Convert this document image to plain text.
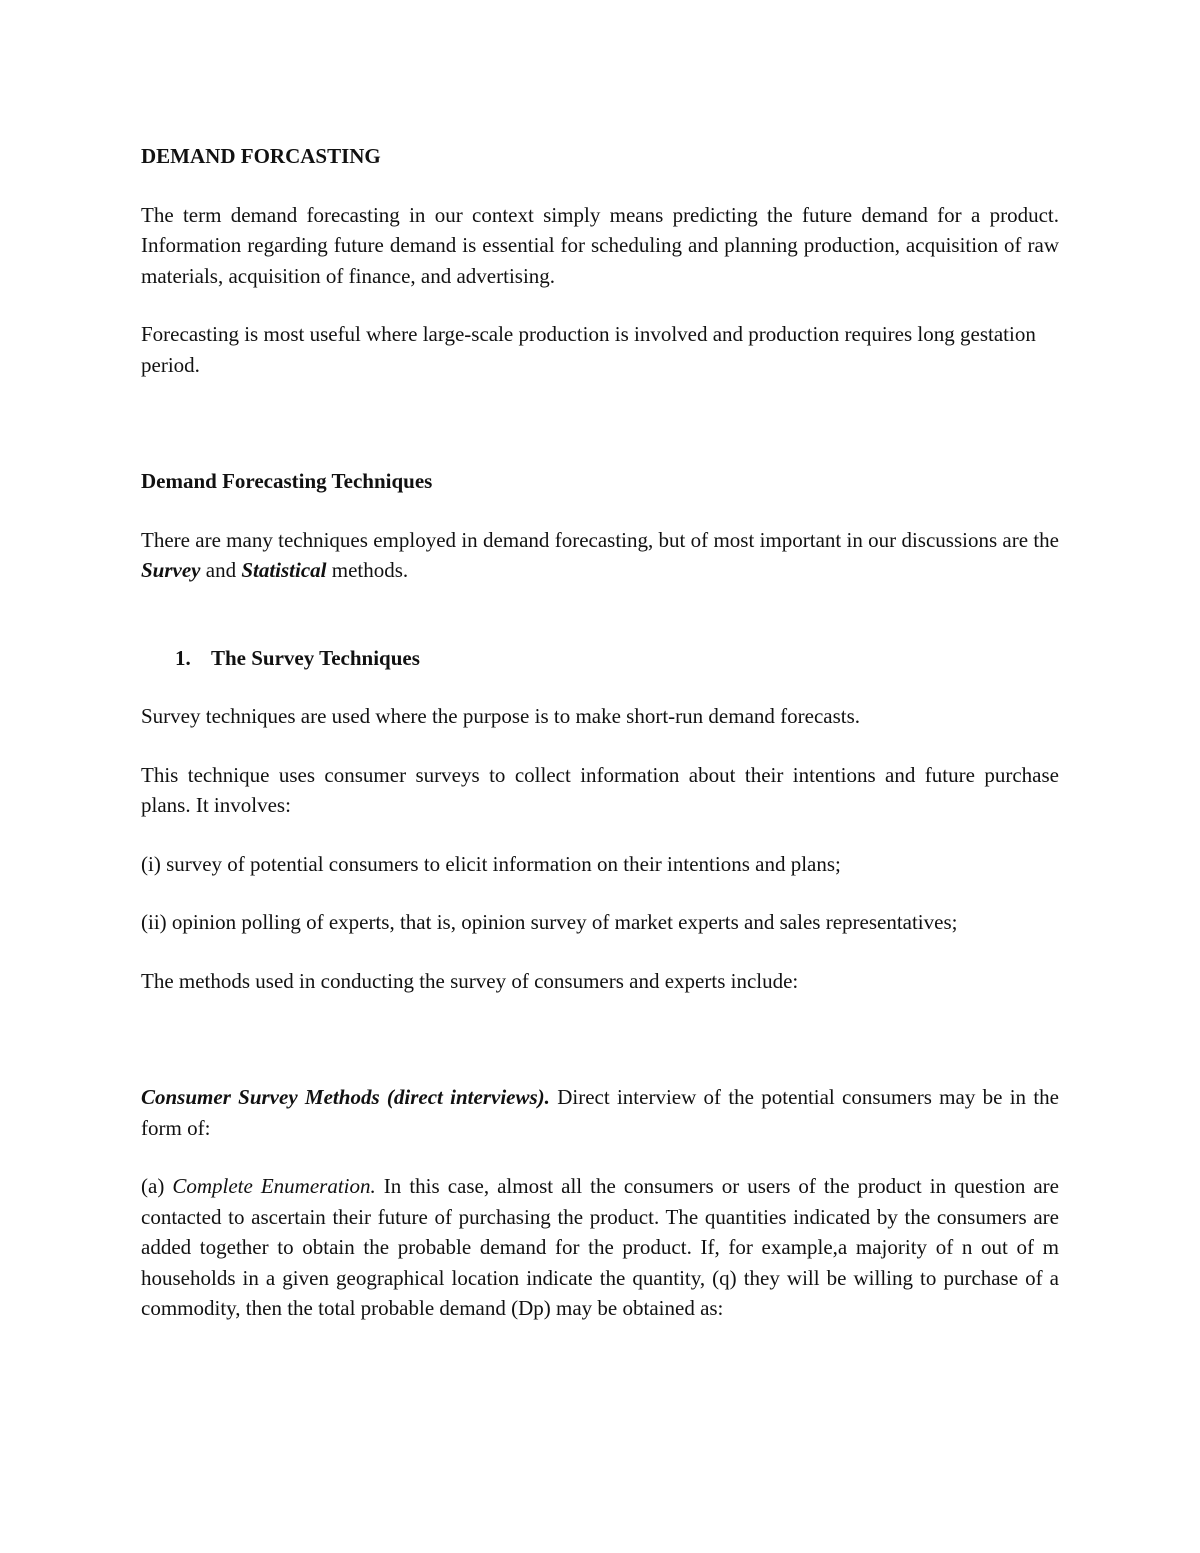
DEMAND FORCASTING

The term demand forecasting in our context simply means predicting the future demand for a product. Information regarding future demand is essential for scheduling and planning production, acquisition of raw materials, acquisition of finance, and advertising.

Forecasting is most useful where large-scale production is involved and production requires long gestation period.

Demand Forecasting Techniques

There are many techniques employed in demand forecasting, but of most important in our discussions are the Survey and Statistical methods.

1. The Survey Techniques

Survey techniques are used where the purpose is to make short-run demand forecasts.

This technique uses consumer surveys to collect information about their intentions and future purchase plans. It involves:

(i) survey of potential consumers to elicit information on their intentions and plans;

(ii) opinion polling of experts, that is, opinion survey of market experts and sales representatives;

The methods used in conducting the survey of consumers and experts include:

Consumer Survey Methods (direct interviews). Direct interview of the potential consumers may be in the form of:

(a) Complete Enumeration. In this case, almost all the consumers or users of the product in question are contacted to ascertain their future of purchasing the product. The quantities indicated by the consumers are added together to obtain the probable demand for the product. If, for example,a majority of n out of m households in a given geographical location indicate the quantity, (q) they will be willing to purchase of a commodity, then the total probable demand (Dp) may be obtained as:
